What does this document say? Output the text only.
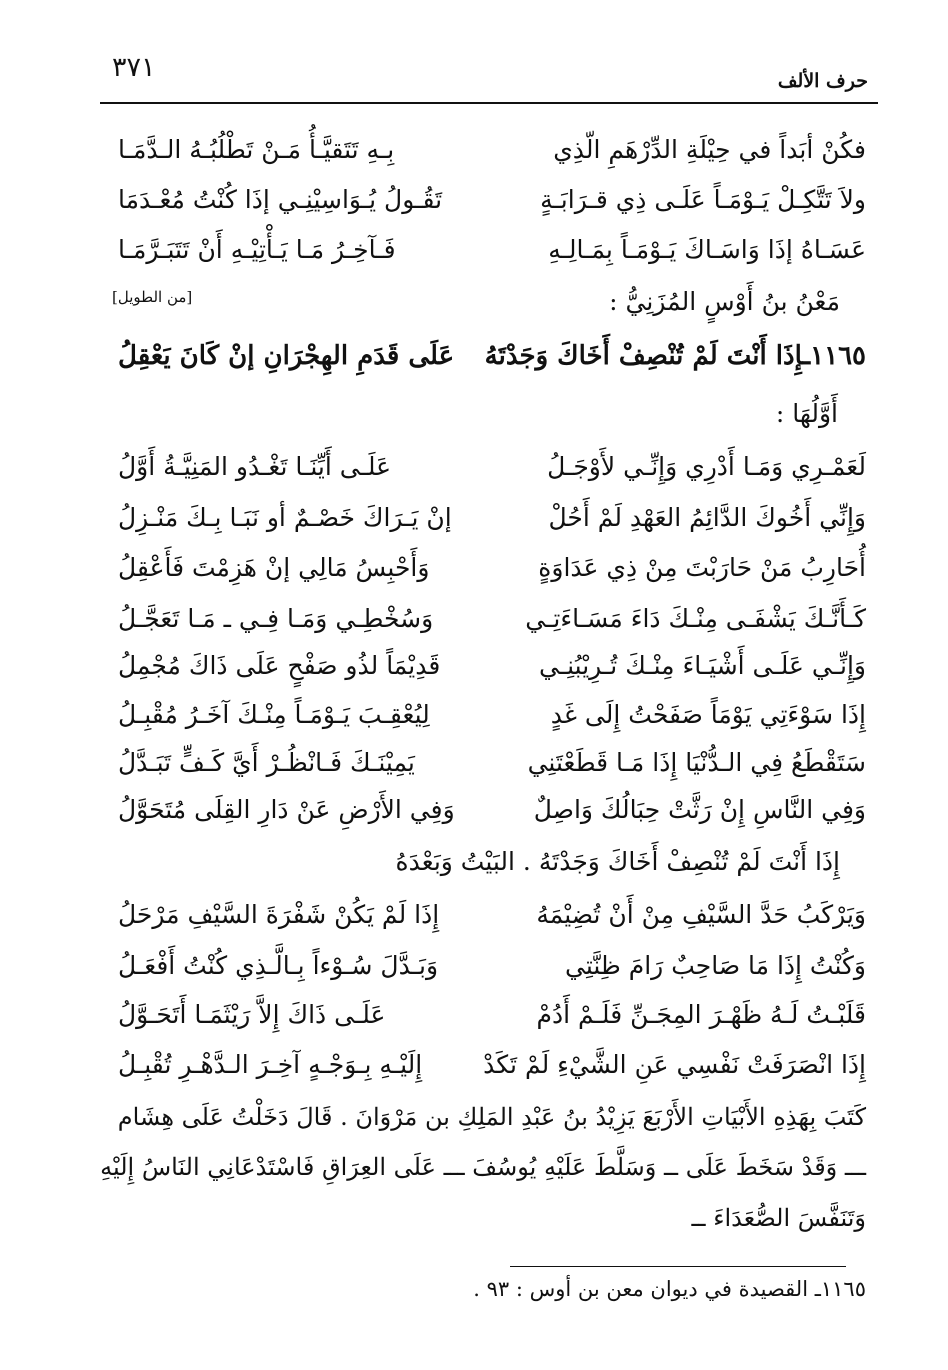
٣٧١	حرف الألف
فكُنْ أبَداً في حِيْلَةِ الدِّرْهَمِ الّذِي
بِـهِ تَتَقيَّـأُ مَـنْ تَطْلُبُـهُ الـدَّمَـا
ولاَ تَتَّكِـلْ يَـوْمَـاً عَلَـى ذِي قـرَابَـةٍ
تَقُـولُ يُـوَاسِيْنِـي إذَا كُنْتُ مُعْـدَمَا
عَسَـاهُ إذَا وَاسَـاكَ يَـوْمَـاً بِمَـالِـهِ
فَـآخِـرُ مَـا يَـأْتِيْـهِ أَنْ تَتَبَـرَّمَـا
مَعْنُ بنُ أَوْسٍ المُزَنِيُّ :
[من الطويل]
١١٦٥ـإِذَا أَنْتَ لَمْ تُنْصِفْ أَخَاكَ وَجَدْتَهُ
عَلَى قَدَمِ الهِجْرَانِ إنْ كَانَ يَعْقِلُ
أَوَّلُهَا :
لَعَمْـرِي وَمَـا أَدْرِي وَإِنِّـي لأَوْجَـلُ
عَلَـى أَيِّنَـا تَغْـدُو المَنِيَّـةُ أَوَّلُ
وَإِنِّي أَخُوكَ الدَّائِمُ العَهْدِ لَمْ أَحُلْ
إنْ يَـرَاكَ خَصْـمٌ أو نَبَـا بِـكَ مَنْـزِلُ
أُحَارِبُ مَنْ حَارَبْتَ مِنْ ذِي عَدَاوَةٍ
وَأَحْبِسُ مَالِي إنْ هَزِمْتَ فَأَعْقِلُ
كَـأَنَّـكَ يَشْفَـى مِنْـكَ دَاءَ مَسَـاءَتِـي
وَسُخْطِـي وَمَـا فِـي ـ مَـا تَعَجَّـلُ
وَإِنِّـي عَلَـى أَشْيَـاءَ مِنْـكَ تُـرِيْبُنِـي
قَدِيْمَاً لذُو صَفْحٍ عَلَى ذَاكَ مُجْمِلُ
إِذَا سَوْءَتِي يَوْمَاً صَفَحْتُ إِلَى غَدٍ
لِيُعْقِـبَ يَـوْمَـاً مِنْـكَ آخَـرُ مُقْبِـلُ
سَتَقْطَعُ فِي الـدُّنْيَا إِذَا مَـا قَطَعْتَنِي
يَمِيْنَـكَ فَـانْظُـرْ أَيَّ كَـفٍّ تَبَـدَّلُ
وَفِي النَّاسِ إِنْ رَثَّتْ حِبَالُكَ وَاصِلٌ
وَفِي الأَرْضِ عَنْ دَارِ القِلَى مُتَحَوَّلُ
إِذَا أَنْتَ لَمْ تُنْصِفْ أَخَاكَ وَجَدْتَهُ . البَيْتُ وَبَعْدَهُ
وَيَرْكَبُ حَدَّ السَّيْفِ مِنْ أَنْ تُضِيْمَهُ
إِذَا لَمْ يَكُنْ شَفْرَةَ السَّيْفِ مَرْحَلُ
وَكُنْتُ إِذَا مَا صَاحِبٌ رَامَ ظِنَّتِي
وَبَـدَّلَ سُـوْءاً بِـالَّـذِي كُنْتُ أَفْعَـلُ
قَلَبْـتُ لَـهُ ظَهْـرَ المِجَـنِّ فَلَـمْ أَدُمْ
عَلَـى ذَاكَ إِلاَّ رَيْثَمَـا أَتَحَـوَّلُ
إِذَا انْصَرَفَتْ نَفْسِي عَنِ الشَّيْءِ لَمْ تَكَدْ
إِلَيْـهِ بِـوَجْـهٍ آخِـرَ الـدَّهْـرِ تُقْبِـلُ
كَتَبَ بِهَذِهِ الأَبْيَاتِ الأَرْبَعَ يَزِيْدُ بنُ عَبْدِ المَلِكِ بن مَرْوَانَ . قَالَ دَخَلْتُ عَلَى هِشَام
ـــ وَقَدْ سَخَطَ عَلَى ــ وَسَلَّطَ عَلَيْهِ يُوسُفَ ـــ عَلَى العِرَاقِ فَاسْتَدْعَانِي النَاسُ إِلَيْهِ
وَتَنَفَّسَ الصُّعَدَاءَ ــ
١١٦٥ـ القصيدة في ديوان معن بن أوس : ٩٣ .
